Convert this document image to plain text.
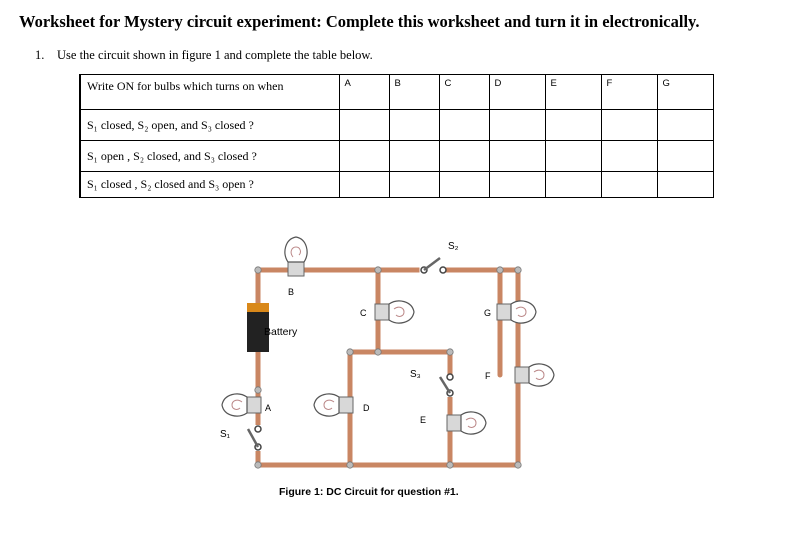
Worksheet for Mystery circuit experiment: Complete this worksheet and turn it in electronically.
1. Use the circuit shown in figure 1 and complete the table below.
Write ON for bulbs which turns on when	A	B	C	D	E	F	G
S₁ closed, S₂ open, and S₃ closed ?							
S₁ open , S₂ closed, and S₃ closed ?							
S₁ closed , S₂ closed and S₃ open ?							
Battery
B
C	G
F
A	D
E
S₂
S₃
S₁
Figure 1: DC Circuit for question #1.
